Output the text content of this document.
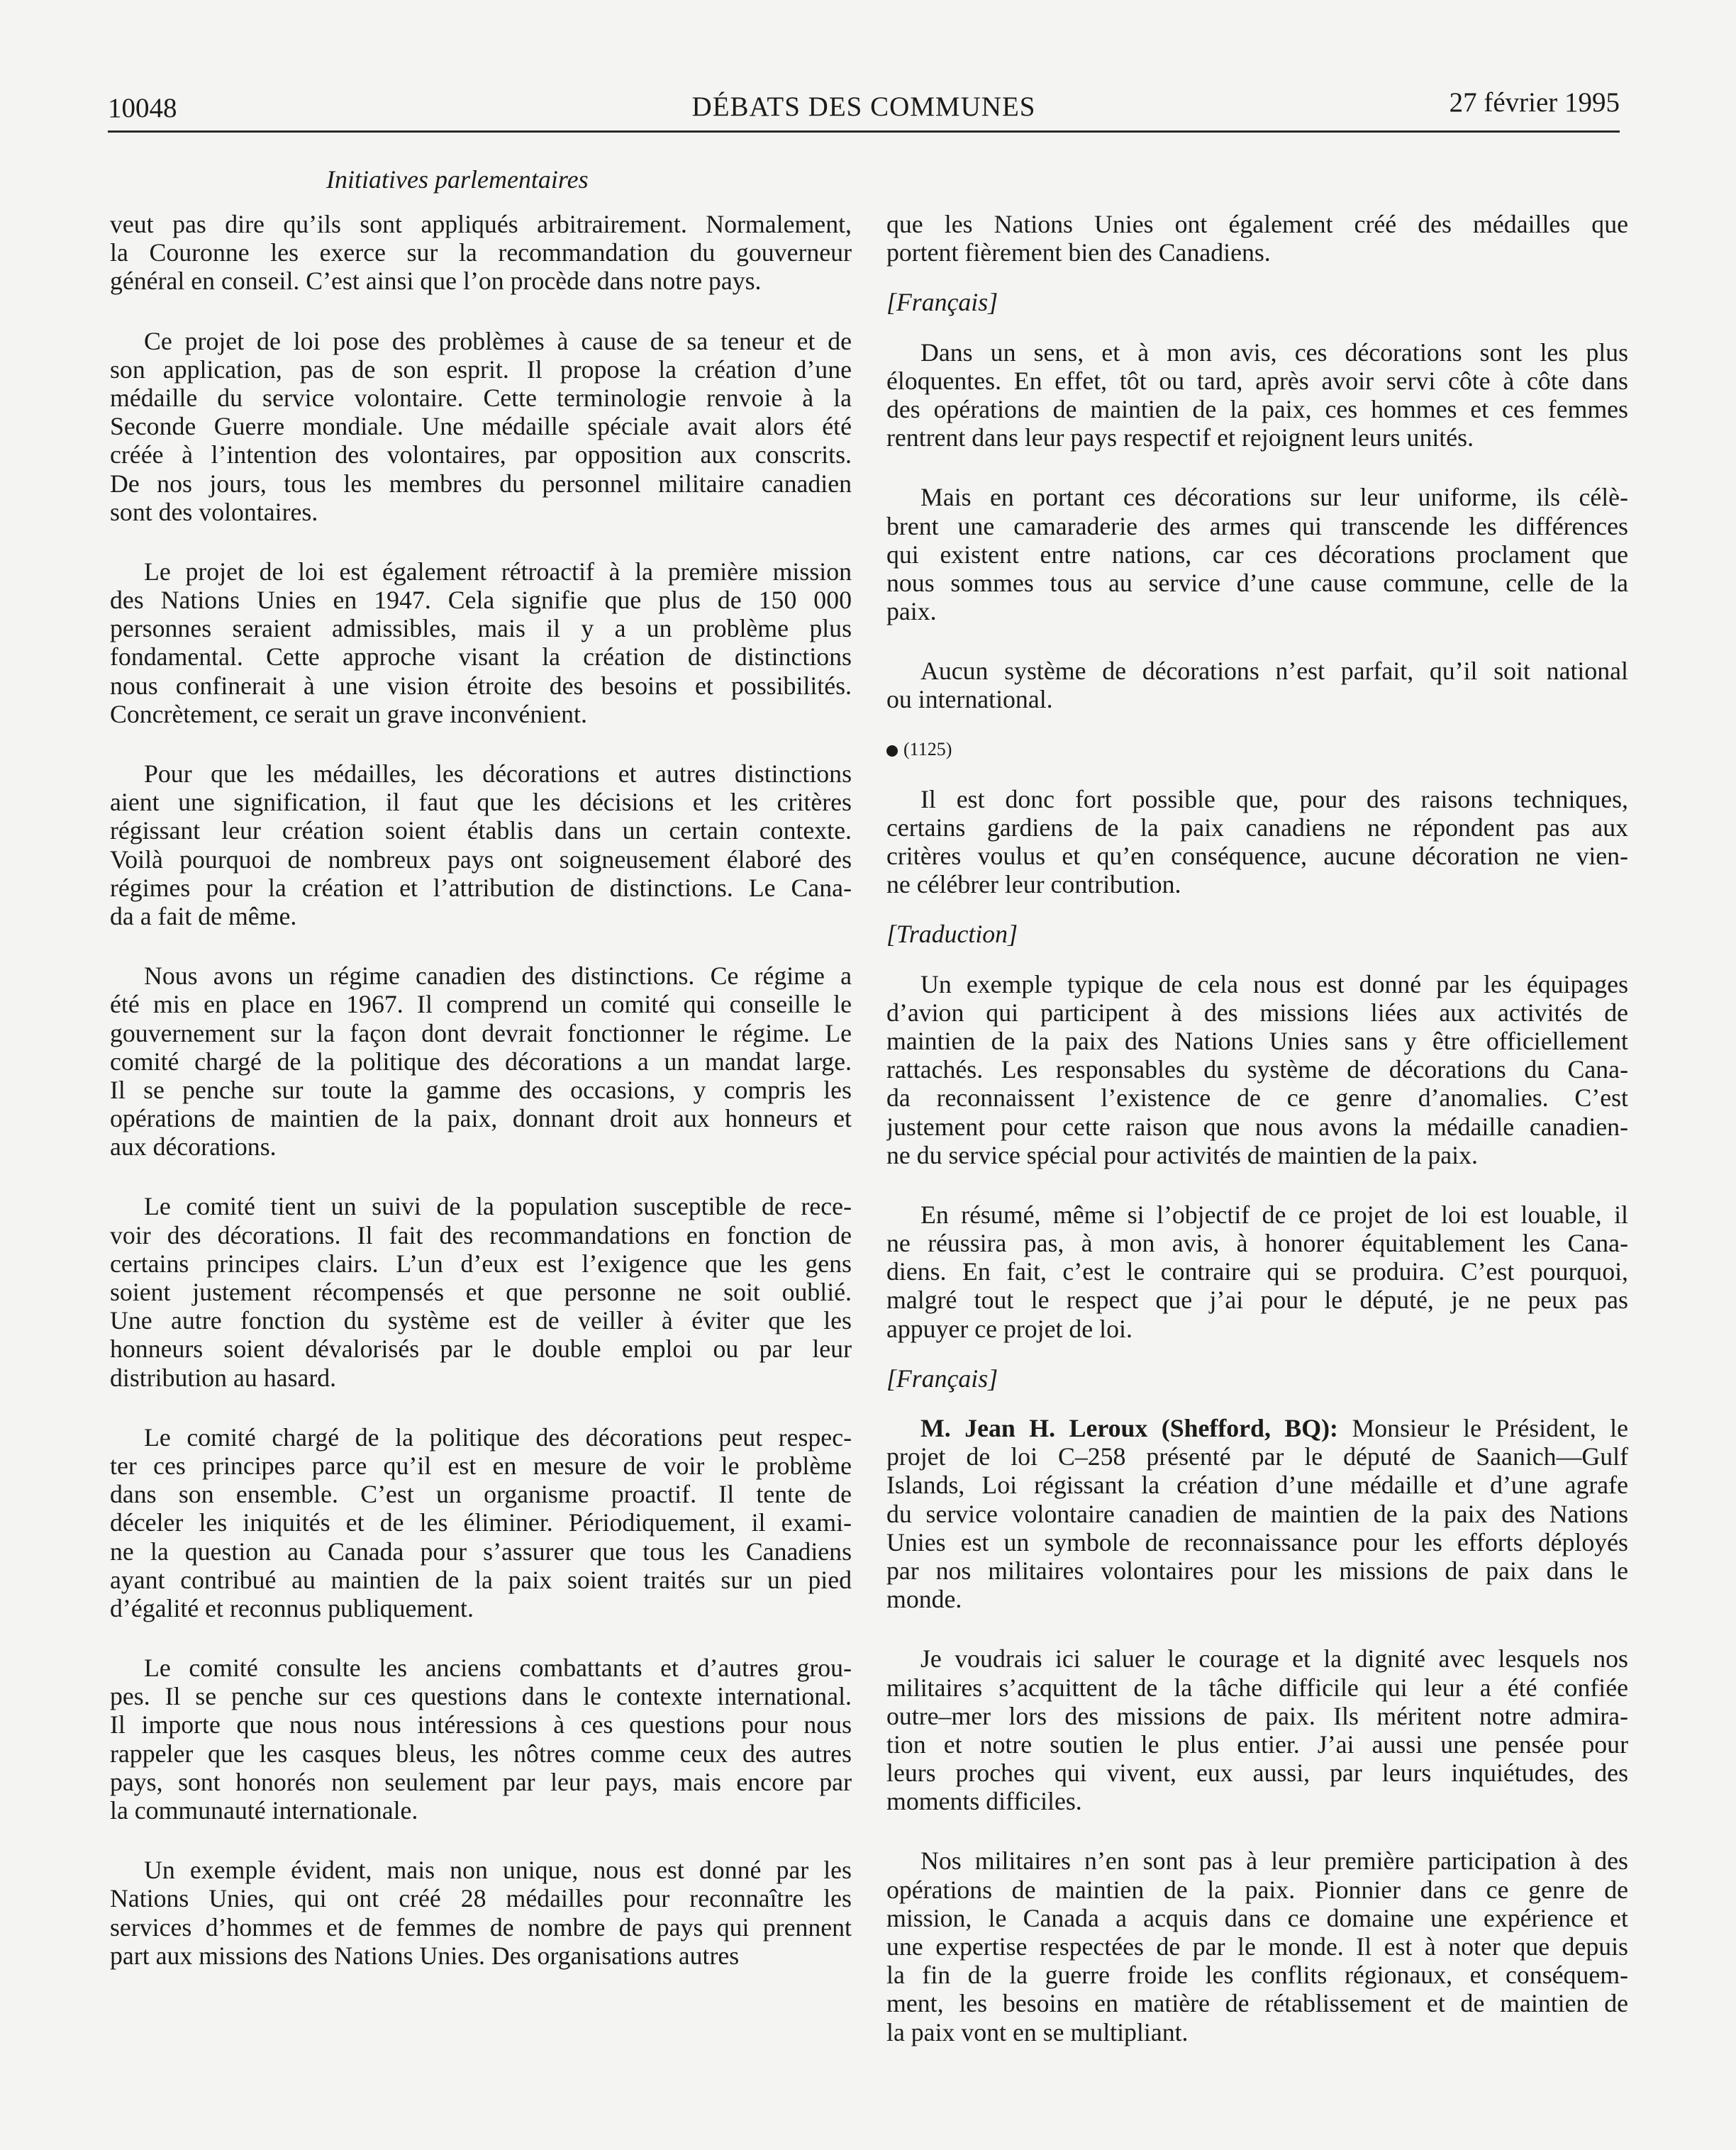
10048	DÉBATS DES COMMUNES	27 février 1995
Initiatives parlementaires
veut pas dire qu’ils sont appliqués arbitrairement. Normalement,
la Couronne les exerce sur la recommandation du gouverneur
général en conseil. C’est ainsi que l’on procède dans notre pays.
Ce projet de loi pose des problèmes à cause de sa teneur et de
son application, pas de son esprit. Il propose la création d’une
médaille du service volontaire. Cette terminologie renvoie à la
Seconde Guerre mondiale. Une médaille spéciale avait alors été
créée à l’intention des volontaires, par opposition aux conscrits.
De nos jours, tous les membres du personnel militaire canadien
sont des volontaires.
Le projet de loi est également rétroactif à la première mission
des Nations Unies en 1947. Cela signifie que plus de 150 000
personnes seraient admissibles, mais il y a un problème plus
fondamental. Cette approche visant la création de distinctions
nous confinerait à une vision étroite des besoins et possibilités.
Concrètement, ce serait un grave inconvénient.
Pour que les médailles, les décorations et autres distinctions
aient une signification, il faut que les décisions et les critères
régissant leur création soient établis dans un certain contexte.
Voilà pourquoi de nombreux pays ont soigneusement élaboré des
régimes pour la création et l’attribution de distinctions. Le Cana-
da a fait de même.
Nous avons un régime canadien des distinctions. Ce régime a
été mis en place en 1967. Il comprend un comité qui conseille le
gouvernement sur la façon dont devrait fonctionner le régime. Le
comité chargé de la politique des décorations a un mandat large.
Il se penche sur toute la gamme des occasions, y compris les
opérations de maintien de la paix, donnant droit aux honneurs et
aux décorations.
Le comité tient un suivi de la population susceptible de rece-
voir des décorations. Il fait des recommandations en fonction de
certains principes clairs. L’un d’eux est l’exigence que les gens
soient justement récompensés et que personne ne soit oublié.
Une autre fonction du système est de veiller à éviter que les
honneurs soient dévalorisés par le double emploi ou par leur
distribution au hasard.
Le comité chargé de la politique des décorations peut respec-
ter ces principes parce qu’il est en mesure de voir le problème
dans son ensemble. C’est un organisme proactif. Il tente de
déceler les iniquités et de les éliminer. Périodiquement, il exami-
ne la question au Canada pour s’assurer que tous les Canadiens
ayant contribué au maintien de la paix soient traités sur un pied
d’égalité et reconnus publiquement.
Le comité consulte les anciens combattants et d’autres grou-
pes. Il se penche sur ces questions dans le contexte international.
Il importe que nous nous intéressions à ces questions pour nous
rappeler que les casques bleus, les nôtres comme ceux des autres
pays, sont honorés non seulement par leur pays, mais encore par
la communauté internationale.
Un exemple évident, mais non unique, nous est donné par les
Nations Unies, qui ont créé 28 médailles pour reconnaître les
services d’hommes et de femmes de nombre de pays qui prennent
part aux missions des Nations Unies. Des organisations autres
que les Nations Unies ont également créé des médailles que
portent fièrement bien des Canadiens.
[Français]
Dans un sens, et à mon avis, ces décorations sont les plus
éloquentes. En effet, tôt ou tard, après avoir servi côte à côte dans
des opérations de maintien de la paix, ces hommes et ces femmes
rentrent dans leur pays respectif et rejoignent leurs unités.
Mais en portant ces décorations sur leur uniforme, ils célè-
brent une camaraderie des armes qui transcende les différences
qui existent entre nations, car ces décorations proclament que
nous sommes tous au service d’une cause commune, celle de la
paix.
Aucun système de décorations n’est parfait, qu’il soit national
ou international.
(1125)
Il est donc fort possible que, pour des raisons techniques,
certains gardiens de la paix canadiens ne répondent pas aux
critères voulus et qu’en conséquence, aucune décoration ne vien-
ne célébrer leur contribution.
[Traduction]
Un exemple typique de cela nous est donné par les équipages
d’avion qui participent à des missions liées aux activités de
maintien de la paix des Nations Unies sans y être officiellement
rattachés. Les responsables du système de décorations du Cana-
da reconnaissent l’existence de ce genre d’anomalies. C’est
justement pour cette raison que nous avons la médaille canadien-
ne du service spécial pour activités de maintien de la paix.
En résumé, même si l’objectif de ce projet de loi est louable, il
ne réussira pas, à mon avis, à honorer équitablement les Cana-
diens. En fait, c’est le contraire qui se produira. C’est pourquoi,
malgré tout le respect que j’ai pour le député, je ne peux pas
appuyer ce projet de loi.
[Français]
M. Jean H. Leroux (Shefford, BQ): Monsieur le Président, le
projet de loi C–258 présenté par le député de Saanich—Gulf
Islands, Loi régissant la création d’une médaille et d’une agrafe
du service volontaire canadien de maintien de la paix des Nations
Unies est un symbole de reconnaissance pour les efforts déployés
par nos militaires volontaires pour les missions de paix dans le
monde.
Je voudrais ici saluer le courage et la dignité avec lesquels nos
militaires s’acquittent de la tâche difficile qui leur a été confiée
outre–mer lors des missions de paix. Ils méritent notre admira-
tion et notre soutien le plus entier. J’ai aussi une pensée pour
leurs proches qui vivent, eux aussi, par leurs inquiétudes, des
moments difficiles.
Nos militaires n’en sont pas à leur première participation à des
opérations de maintien de la paix. Pionnier dans ce genre de
mission, le Canada a acquis dans ce domaine une expérience et
une expertise respectées de par le monde. Il est à noter que depuis
la fin de la guerre froide les conflits régionaux, et conséquem-
ment, les besoins en matière de rétablissement et de maintien de
la paix vont en se multipliant.
